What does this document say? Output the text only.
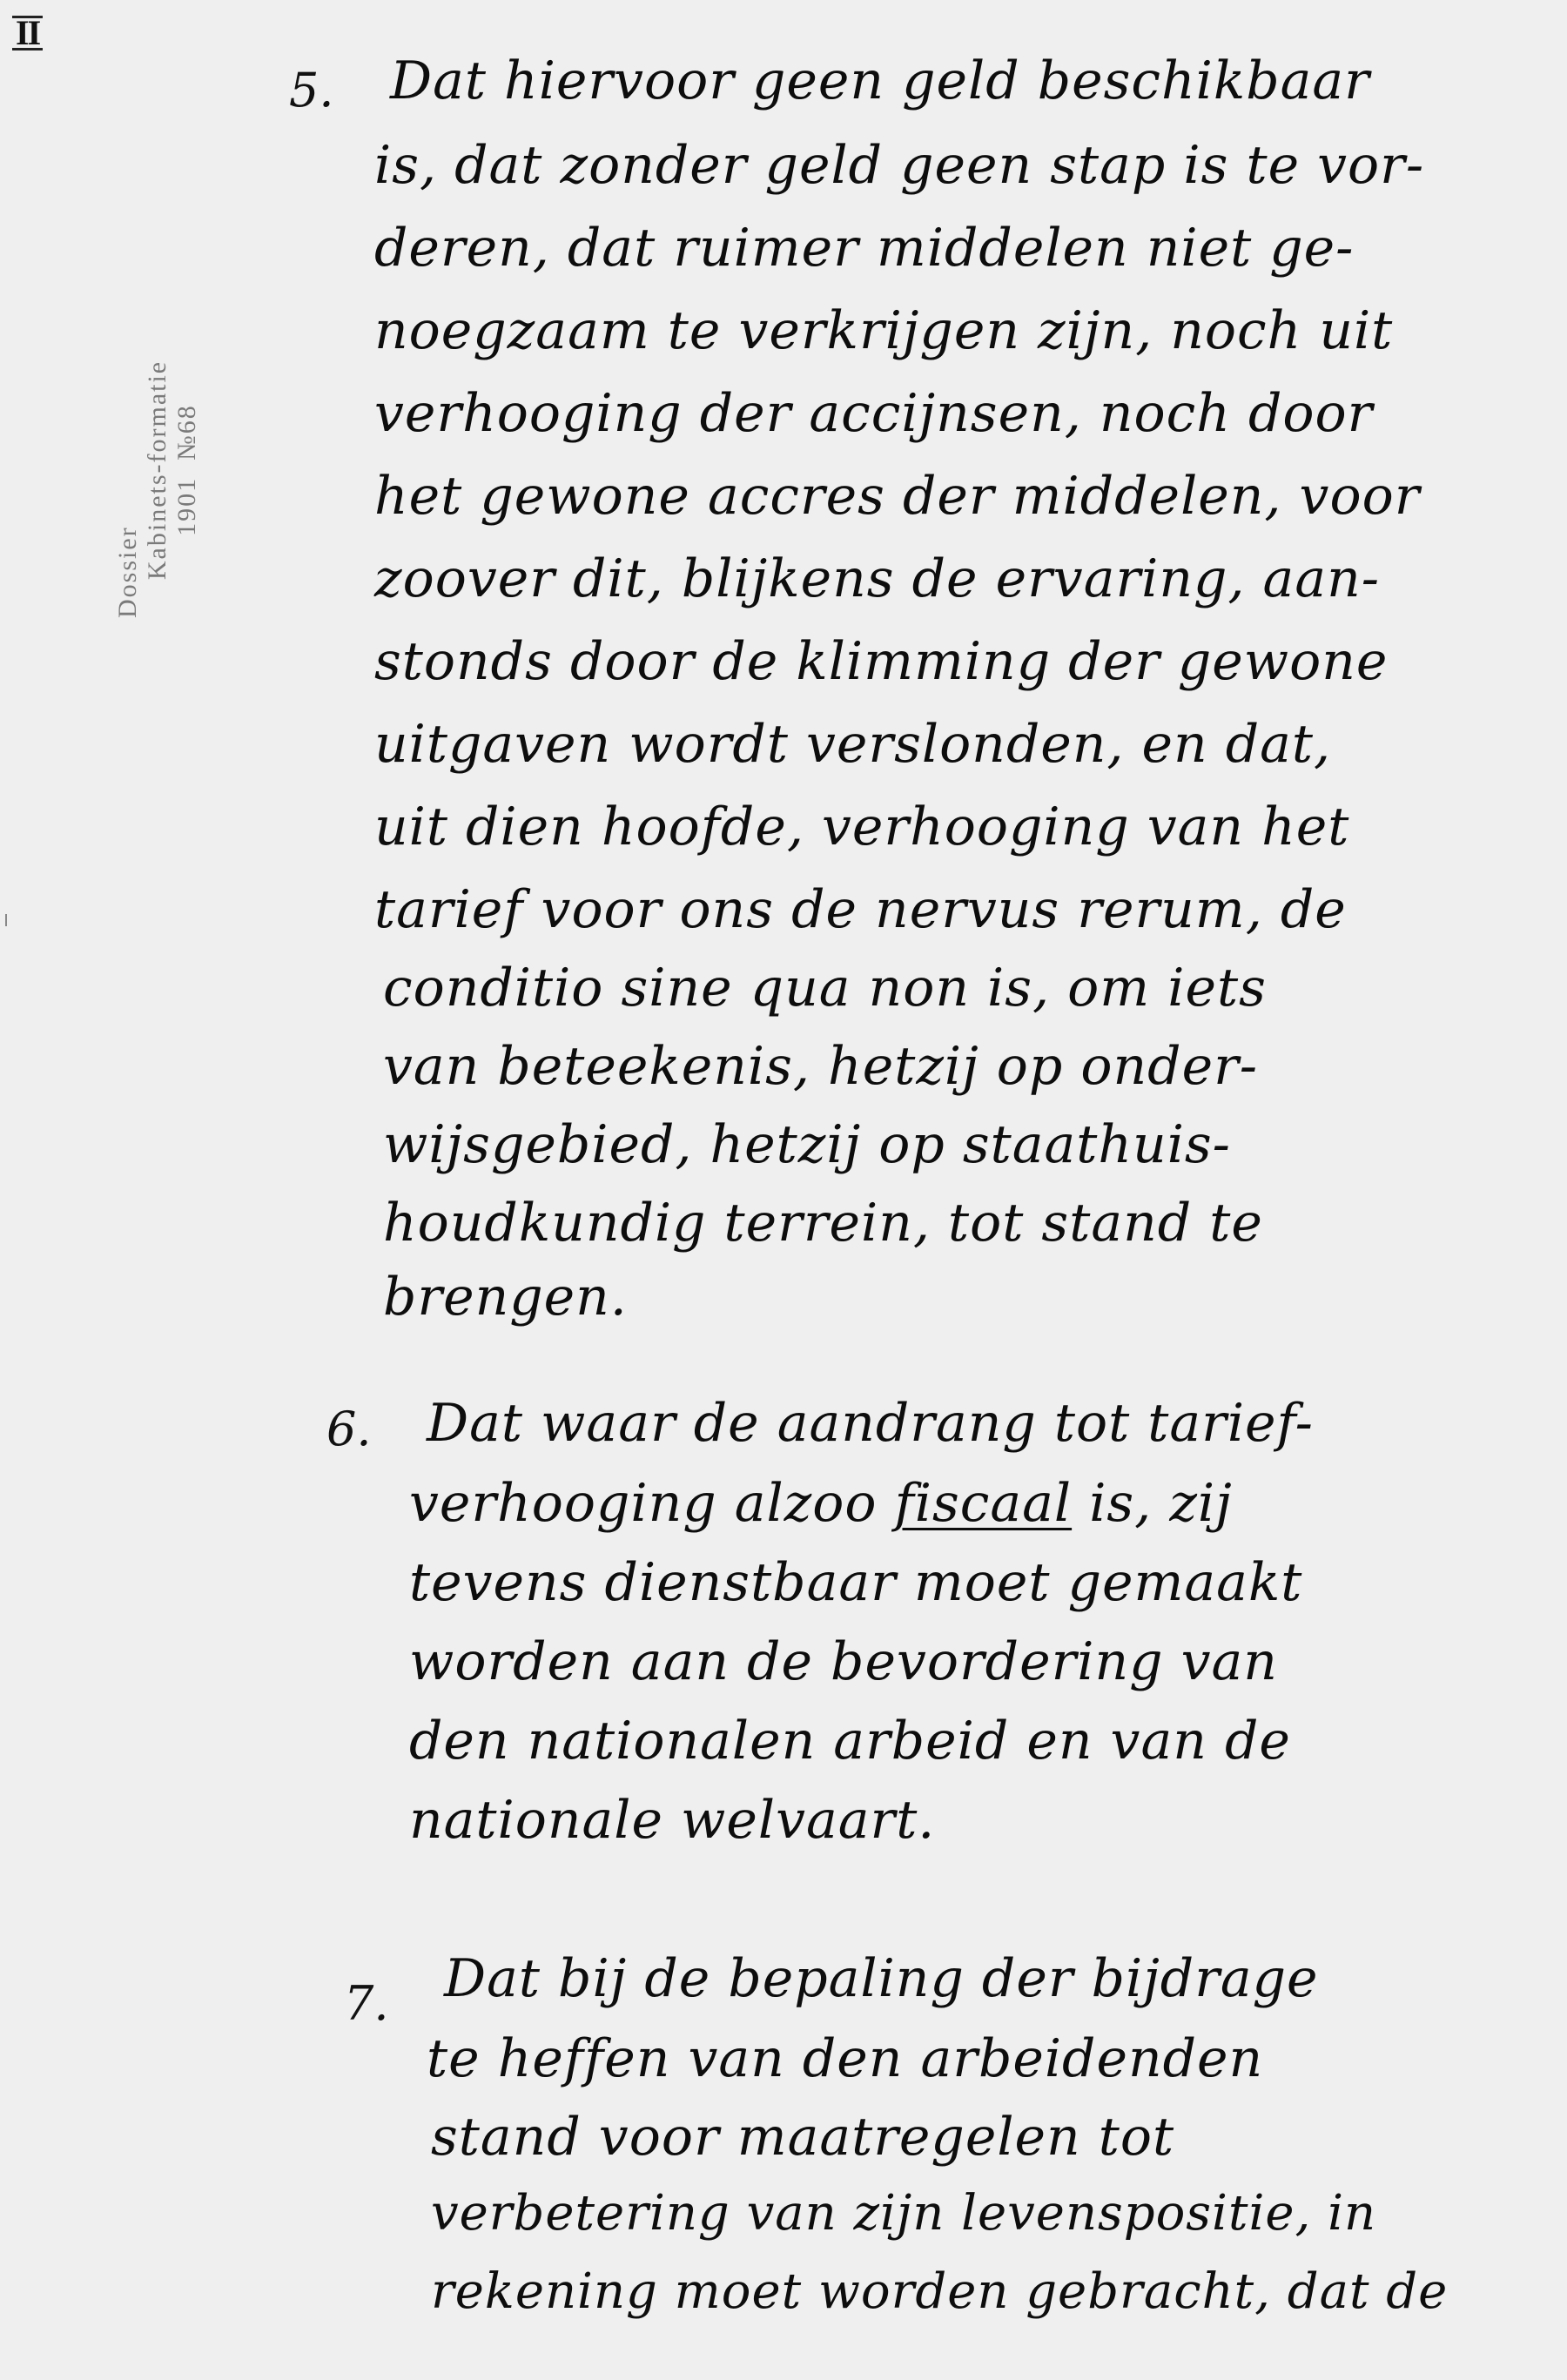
II
Dossier Kabinets-formatie 1901  №68
5. Dat hiervoor geen geld beschikbaar
is, dat zonder geld geen stap is te vor-
deren, dat ruimer middelen niet ge-
noegzaam te verkrijgen zijn, noch uit
verhooging der accijnsen, noch door
het gewone accres der middelen, voor
zoover dit, blijkens de ervaring, aan-
stonds door de klimming der gewone
uitgaven wordt verslonden, en dat,
uit dien hoofde, verhooging van het
tarief voor ons de nervus rerum, de
conditio sine qua non is, om iets
van beteekenis, hetzij op onder-
wijsgebied, hetzij op staathuis-
houdkundig terrein, tot stand te
brengen.
6. Dat waar de aandrang tot tarief-
verhooging alzoo fiscaal is, zij
tevens dienstbaar moet gemaakt
worden aan de bevordering van
den nationalen arbeid en van de
nationale welvaart.
7. Dat bij de bepaling der bijdrage
te heffen van den arbeidenden
stand voor maatregelen tot
verbetering van zijn levenspositie, in
rekening moet worden gebracht, dat de
